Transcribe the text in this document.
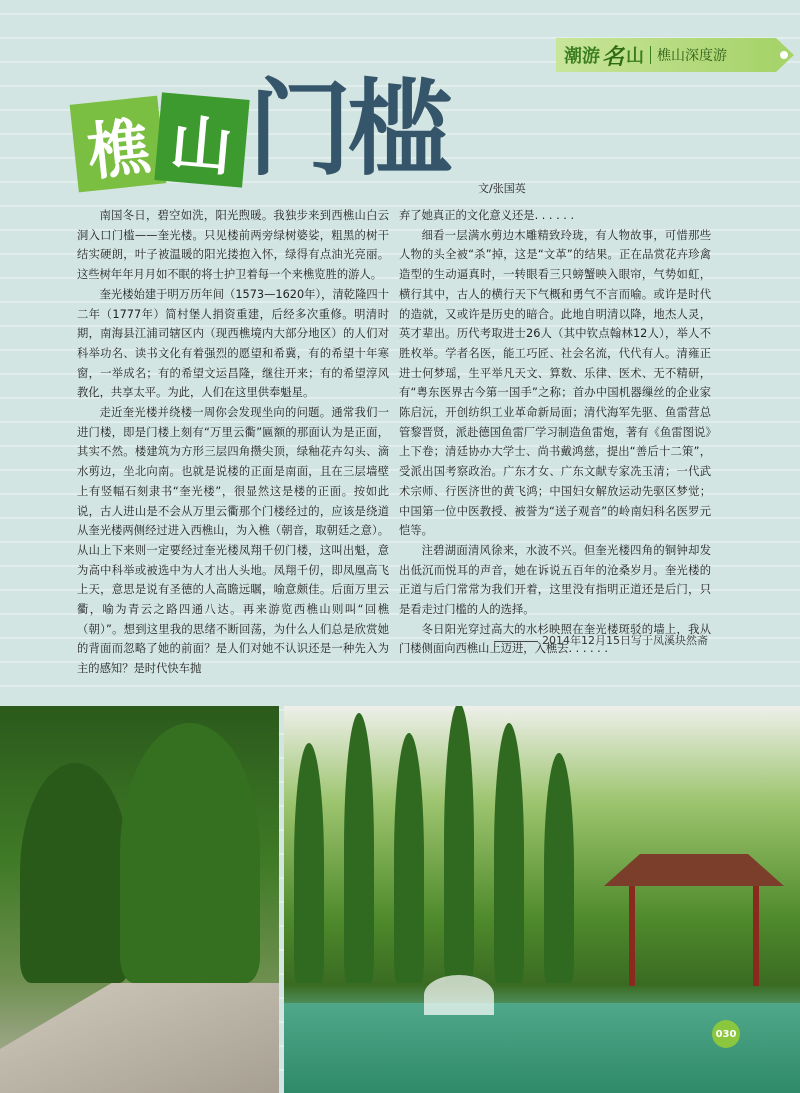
潮游 名 山 樵山深度游
樵 山 门槛	文/张国英

南国冬日，碧空如洗，阳光煦暖。我独步来到西樵山白云洞入口门槛——奎光楼。只见楼前两旁绿树婆娑，粗黑的树干结实硬朗，叶子被温暖的阳光搂抱入怀，绿得有点油光亮丽。这些树年年月月如不眠的将士护卫着每一个来樵览胜的游人。

奎光楼始建于明万历年间（1573—1620年），清乾隆四十二年（1777年）简村堡人捐资重建，后经多次重修。明清时期，南海县江浦司辖区内（现西樵境内大部分地区）的人们对科举功名、读书文化有着强烈的愿望和希冀，有的希望十年寒窗，一举成名；有的希望文运昌隆，继往开来；有的希望淳风教化，共享太平。为此，人们在这里供奉魁星。

走近奎光楼并绕楼一周你会发现坐向的问题。通常我们一进门楼，即是门楼上刻有“万里云衢”匾额的那面认为是正面，其实不然。楼建筑为方形三层四角攒尖顶，绿釉花卉勾头、滴水剪边，坐北向南。也就是说楼的正面是南面，且在三层墙壁上有竖幅石刻隶书“奎光楼”，很显然这是楼的正面。按如此说，古人进山是不会从万里云衢那个门楼经过的，应该是绕道从奎光楼两侧经过进入西樵山，为入樵（朝音，取朝廷之意）。从山上下来则一定要经过奎光楼凤翔千仞门楼，这叫出魁，意为高中科举或被选中为人才出人头地。凤翔千仞，即凤凰高飞上天，意思是说有圣德的人高瞻远瞩，喻意颇佳。后面万里云衢，喻为青云之路四通八达。再来游览西樵山则叫“回樵（朝）”。想到这里我的思绪不断回荡，为什么人们总是欣赏她的背面而忽略了她的前面？是人们对她不认识还是一种先入为主的感知？是时代快车抛

弃了她真正的文化意义还是. . . . . .

细看一层满水剪边木雕精致玲珑，有人物故事，可惜那些人物的头全被“杀”掉，这是“文革”的结果。正在品赏花卉珍禽造型的生动逼真时，一转眼看三只螃蟹映入眼帘，气势如虹，横行其中，古人的横行天下气概和勇气不言而喻。或许是时代的造就，又或许是历史的暗合。此地自明清以降，地杰人灵，英才辈出。历代考取进士26人（其中钦点翰林12人），举人不胜枚举。学者名医，能工巧匠、社会名流，代代有人。清雍正进士何梦瑶，生平举凡天文、算数、乐律、医术、无不精研，有“粤东医界古今第一国手”之称；首办中国机器缫丝的企业家陈启沅，开创纺织工业革命新局面；清代海军先驱、鱼雷营总管黎晋贤，派赴德国鱼雷厂学习制造鱼雷炮，著有《鱼雷图说》上下卷；清廷协办大学士、尚书戴鸿慈，提出“善后十二策”，受派出国考察政治。广东才女、广东文献专家冼玉清；一代武术宗师、行医济世的黄飞鸿；中国妇女解放运动先驱区梦觉；中国第一位中医教授、被誉为“送子观音”的岭南妇科名医罗元恺等。

注碧湖面清风徐来，水波不兴。但奎光楼四角的铜钟却发出低沉而悦耳的声音，她在诉说五百年的沧桑岁月。奎光楼的正道与后门常常为我们开着，这里没有指明正道还是后门，只是看走过门槛的人的选择。

冬日阳光穿过高大的水杉映照在奎光楼斑驳的墙上，我从门楼侧面向西樵山上迈进，入樵去. . . . . .

2014年12月15日写于凤溪块然斋
030
